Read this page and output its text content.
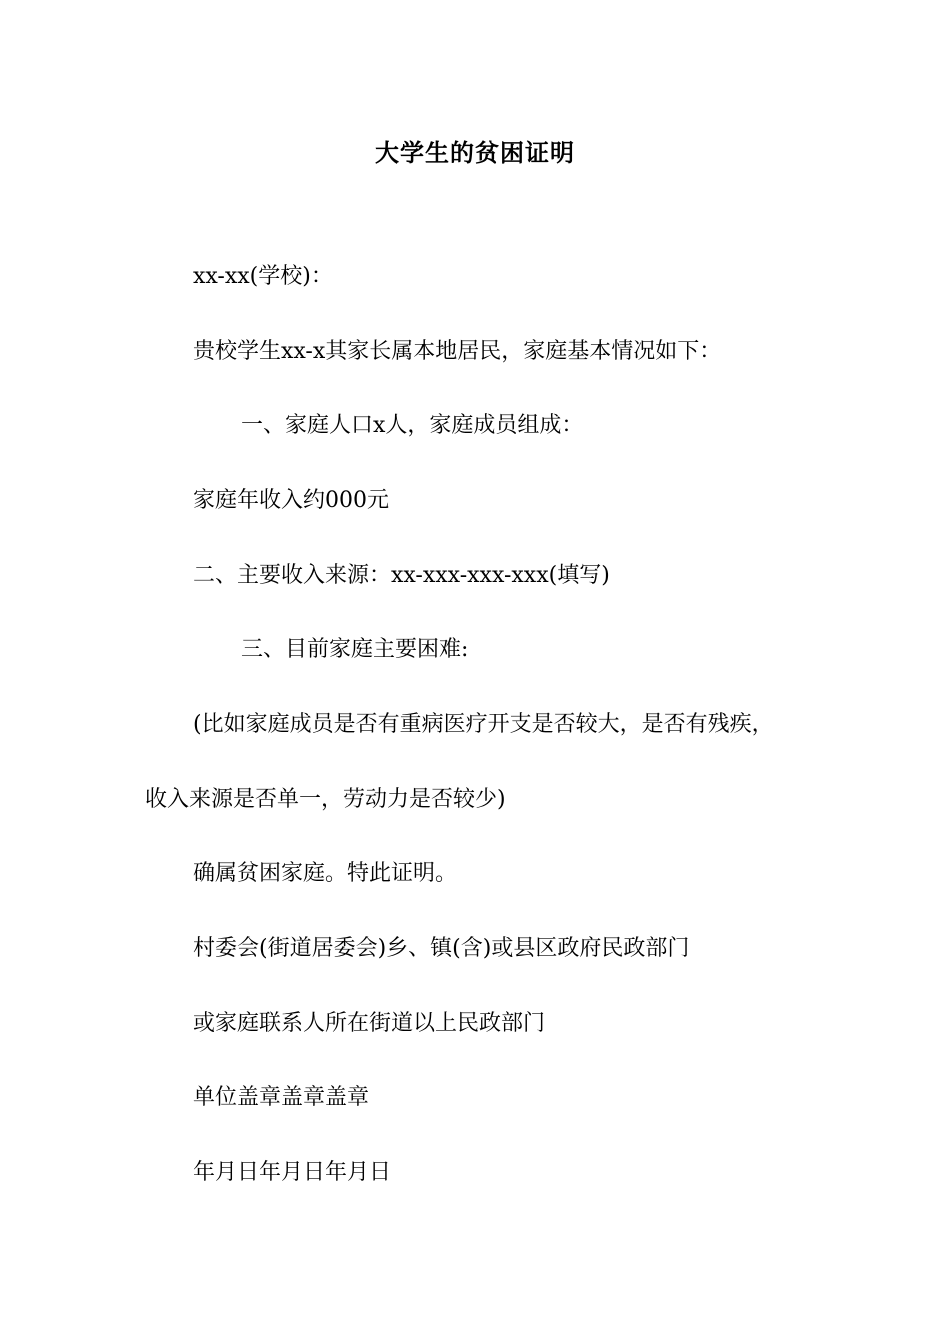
大学生的贫困证明
xx-xx(学校)：
贵校学生xx-x其家长属本地居民，家庭基本情况如下：
一、家庭人口x人，家庭成员组成：
家庭年收入约000元
二、主要收入来源：xx-xxx-xxx-xxx(填写)
三、目前家庭主要困难:
(比如家庭成员是否有重病医疗开支是否较大，是否有残疾，
收入来源是否单一，劳动力是否较少)
确属贫困家庭。特此证明。
村委会(街道居委会)乡、镇(含)或县区政府民政部门
或家庭联系人所在街道以上民政部门
单位盖章盖章盖章
年月日年月日年月日
